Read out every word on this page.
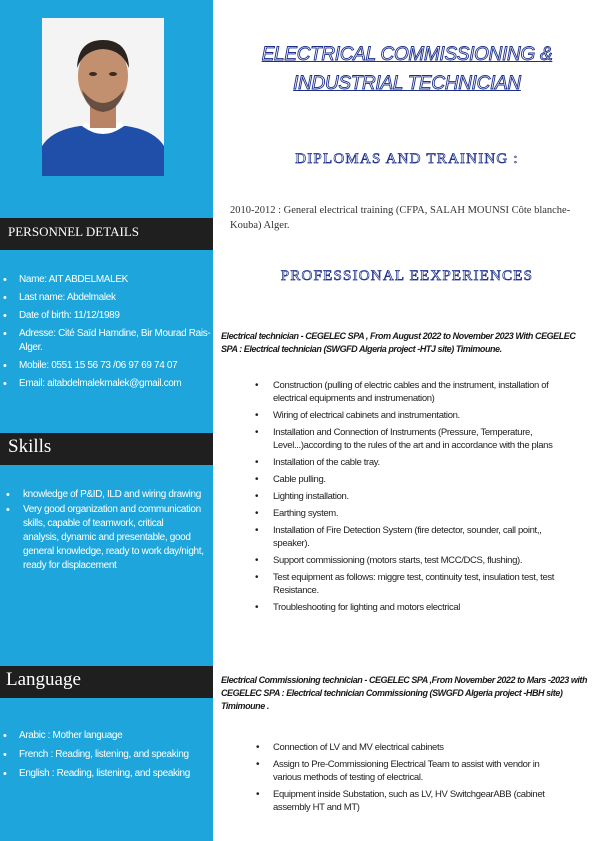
PERSONNEL DETAILS
• Name: AIT ABDELMALEK
• Last name: Abdelmalek
• Date of birth: 11/12/1989
• Adresse: Cité Saïd Hamdine, Bir Mourad Rais-Alger.
• Mobile: 0551 15 56 73 /06 97 69 74 07
• Email: aitabdelmalekmalek@gmail.com
Skills
• knowledge of P&ID, ILD and wiring drawing
• Very good organization and communication skills, capable of teamwork, critical
analysis, dynamic and presentable, good general knowledge, ready to work day/night, ready for displacement
Language
• Arabic : Mother language
• French : Reading, listening, and speaking
• English : Reading, listening, and speaking
ELECTRICAL COMMISSIONING &
INDUSTRIAL TECHNICIAN
DIPLOMAS AND TRAINING :
2010-2012 : General electrical training (CFPA, SALAH MOUNSI Côte blanche- Kouba) Alger.
PROFESSIONAL EEXPERIENCES
Electrical technician - CEGELEC SPA , From August 2022 to November 2023 With CEGELEC SPA : Electrical technician (SWGFD Algeria project -HTJ site) Timimoune.
• Construction (pulling of electric cables and the instrument, installation of electrical equipments and instrumenation)
• Wiring of electrical cabinets and instrumentation.
• Installation and Connection of Instruments (Pressure, Temperature, Level...)according to the rules of the art and in accordance with the plans
• Installation of the cable tray.
• Cable pulling.
• Lighting installation.
• Earthing system.
• Installation of Fire Detection System (fire detector, sounder, call point,, speaker).
• Support commissioning (motors starts, test MCC/DCS, flushing).
• Test equipment as follows: miggre test, continuity test, insulation test, test Resistance.
• Troubleshooting for lighting and motors electrical
Electrical Commissioning technician - CEGELEC SPA ,From November 2022 to Mars -2023 with CEGELEC SPA : Electrical technician Commissioning (SWGFD Algeria project -HBH site) Timimoune .
• Connection of LV and MV electrical cabinets
• Assign to Pre-Commissioning Electrical Team to assist with vendor in various methods of testing of electrical.
• Equipment inside Substation, such as LV, HV SwitchgearABB (cabinet assembly HT and MT)
